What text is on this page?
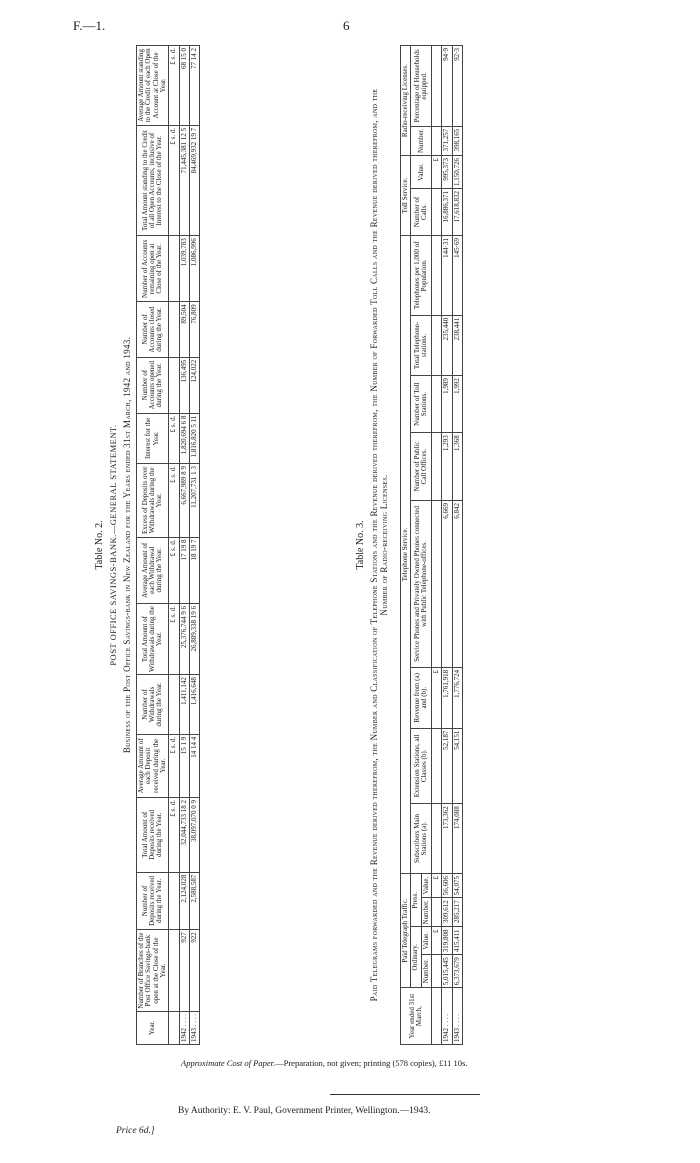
F.—1.	6
Table No. 2. POST OFFICE SAVINGS-BANK.—GENERAL STATEMENT. Business of the Post Office Savings-bank in New Zealand for the Years ended 31st March, 1942 and 1943.
Year.	Number of Branches of the Post Office Savings-bank open at the Close of the Year.	Number of Deposits received during the Year.	Total Amount of Deposits received during the Year.	Average Amount of each Deposit received during the Year.	Number of Withdrawals during the Year.	Total Amount of Withdrawals during the Year.	Average Amount of each Withdrawal during the Year.	Excess of Deposits over Withdrawals during the Year.	Interest for the Year.	Number of Accounts opened during the Year.	Number of Accounts closed during the Year.	Number of Accounts remaining open at Close of the Year.	Total Amount standing to the Credit of all Open Accounts, inclusive of Interest to the Close of the Year.	Average Amount standing to the Credit of each Open Account at Close of the Year.
			£ s. d.	£ s. d.		£ s. d.	£ s. d.	£ s. d.	£ s. d.				£ s. d.	£ s. d.
1942 . . . .	927	2,124,028	32,044,733 18 2	15 1 9	1,411,142	25,376,744 9 6	17 19 8	6,667,989 8 9	1,820,694 6 8	136,495	89,504	1,039,783	71,445,381 12 5	68 15 0
1943 . . . .	922	2,588,587	38,097,070 0 9	14 14 4	1,416,648	26,889,338 19 6	18 19 7	11,207,731 1 3	1,816,820 5 11	124,022	76,809	1,086,996	84,469,932 19 7	77 14 2
Table No. 3. Paid Telegrams forwarded and the Revenue derived therefrom, the Number and Classification of Telephone Stations and the Revenue derived therefrom, the Number of Forwarded Toll Calls and the Revenue derived therefrom, and the Number of Radio-receiving Licenses.
Year ended 31st March,	Paid Telegraph Traffic.				Telephone Service.								Toll Service.		Radio-receiving Licenses.	
	Ordinary.		Press.		Subscribers Main Stations (a).	Extension Stations, all Classes (b).	Revenue from (a) and (b).	Service Phones and Privately Owned Phones connected with Public Telephone-offices.	Number of Public Call Offices.	Number of Toll Stations.	Total Telephone-stations.	Telephones per 1,000 of Population.	Number of Calls.	Value.	Number.	Percentage of Households equipped.
	Number.	Value.	Number.	Value.												
		£		£			£							£		
1942 . . . .	5,015,445	319,808	309,612	56,606	173,362	52,187	1,761,918	6,669	1,293	1,989	235,440	144·31	16,886,371	995,373	371,257	94·9
1943 . . . .	6,373,679	415,411	285,217	54,075	174,088	54,151	1,776,724	6,842	1,368	1,992	238,441	145·69	17,618,832	1,150,726	398,165	92·3
Approximate Cost of Paper.—Preparation, not given; printing (578 copies), £11 10s.
By Authority: E. V. Paul, Government Printer, Wellington.—1943.
Price 6d.]
